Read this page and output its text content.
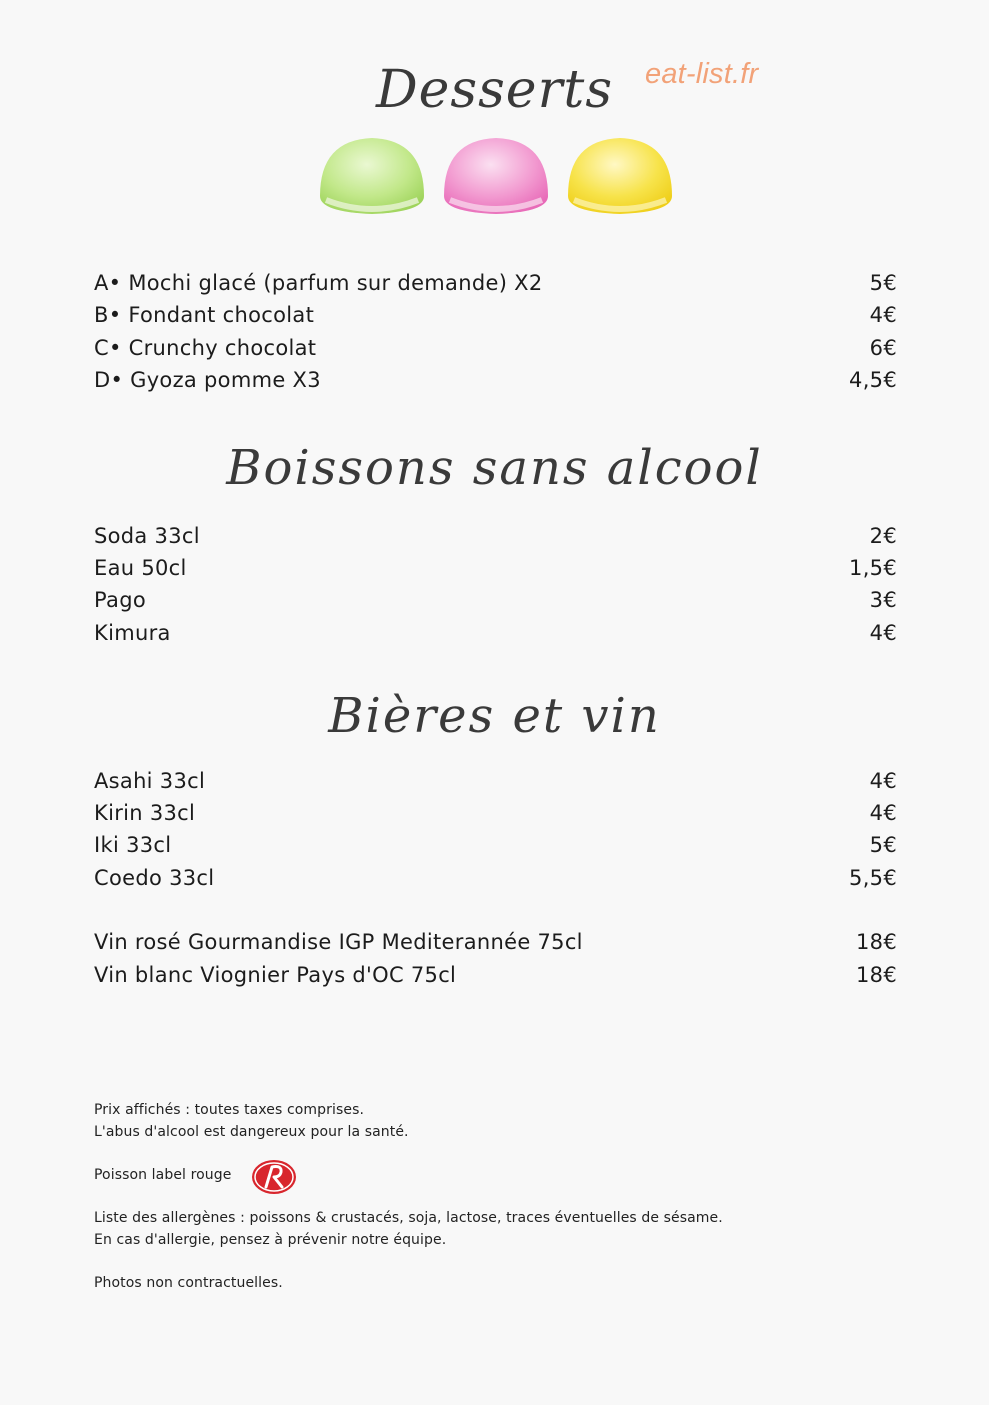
eat-list.fr
Desserts
A• Mochi glacé (parfum sur demande) X2	5€
B• Fondant chocolat	4€
C• Crunchy chocolat	6€
D• Gyoza pomme X3	4,5€
Boissons sans alcool
Soda 33cl	2€
Eau 50cl	1,5€
Pago	3€
Kimura	4€
Bières et vin
Asahi 33cl	4€
Kirin 33cl	4€
Iki 33cl	5€
Coedo 33cl	5,5€
Vin rosé Gourmandise IGP Mediterannée 75cl	18€
Vin blanc Viognier Pays d'OC 75cl	18€
Prix affichés : toutes taxes comprises.
L'abus d'alcool est dangereux pour la santé.
Poisson label rouge
Liste des allergènes : poissons & crustacés, soja, lactose, traces éventuelles de sésame.
En cas d'allergie, pensez à prévenir notre équipe.
Photos non contractuelles.
